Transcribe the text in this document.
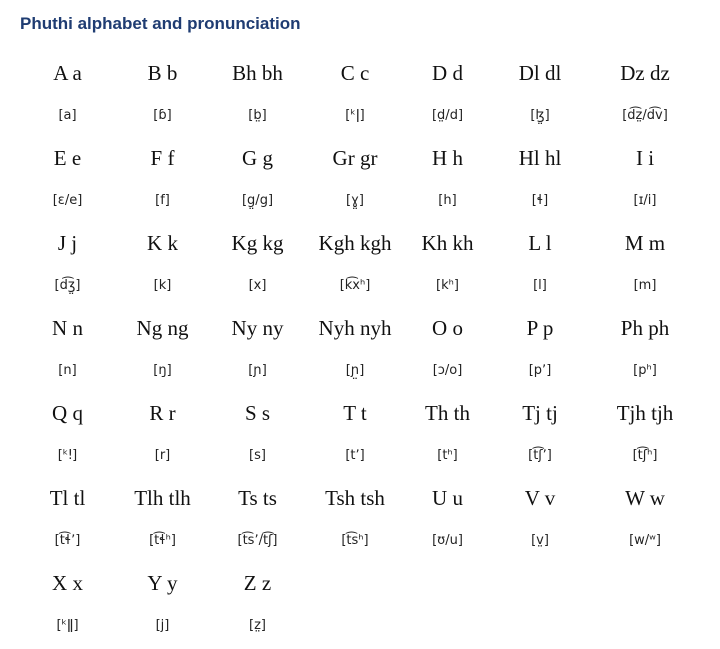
Phuthi alphabet and pronunciation
A a	B b	Bh bh	C c	D d	Dl dl	Dz dz
[a]	[ɓ]	[b̤]	[ᵏǀ]	[d̤/d]	[ɮ̤]	[d͡z̤/d͡v]
E e	F f	G g	Gr gr	H h	Hl hl	I i
[ɛ/e]	[f]	[g̤/g]	[ɣ̤]	[h]	[ɬ]	[ɪ/i]
J j	K k	Kg kg	Kgh kgh	Kh kh	L l	M m
[d͡ʒ̤]	[k]	[x]	[k͡xʰ]	[kʰ]	[l]	[m]
N n	Ng ng	Ny ny	Nyh nyh	O o	P p	Ph ph
[n]	[ŋ]	[ɲ]	[ɲ̤]	[ɔ/o]	[pʼ]	[pʰ]
Q q	R r	S s	T t	Th th	Tj tj	Tjh tjh
[ᵏǃ]	[r]	[s]	[tʼ]	[tʰ]	[t͡ʃʼ]	[t͡ʃʰ]
Tl tl	Tlh tlh	Ts ts	Tsh tsh	U u	V v	W w
[t͡ɬʼ]	[t͡ɬʰ]	[t͡sʼ/t͡ʃ]	[t͡sʰ]	[ʊ/u]	[v̤]	[w/ʷ]
X x	Y y	Z z
[ᵏǁ]	[j]	[z̤]
